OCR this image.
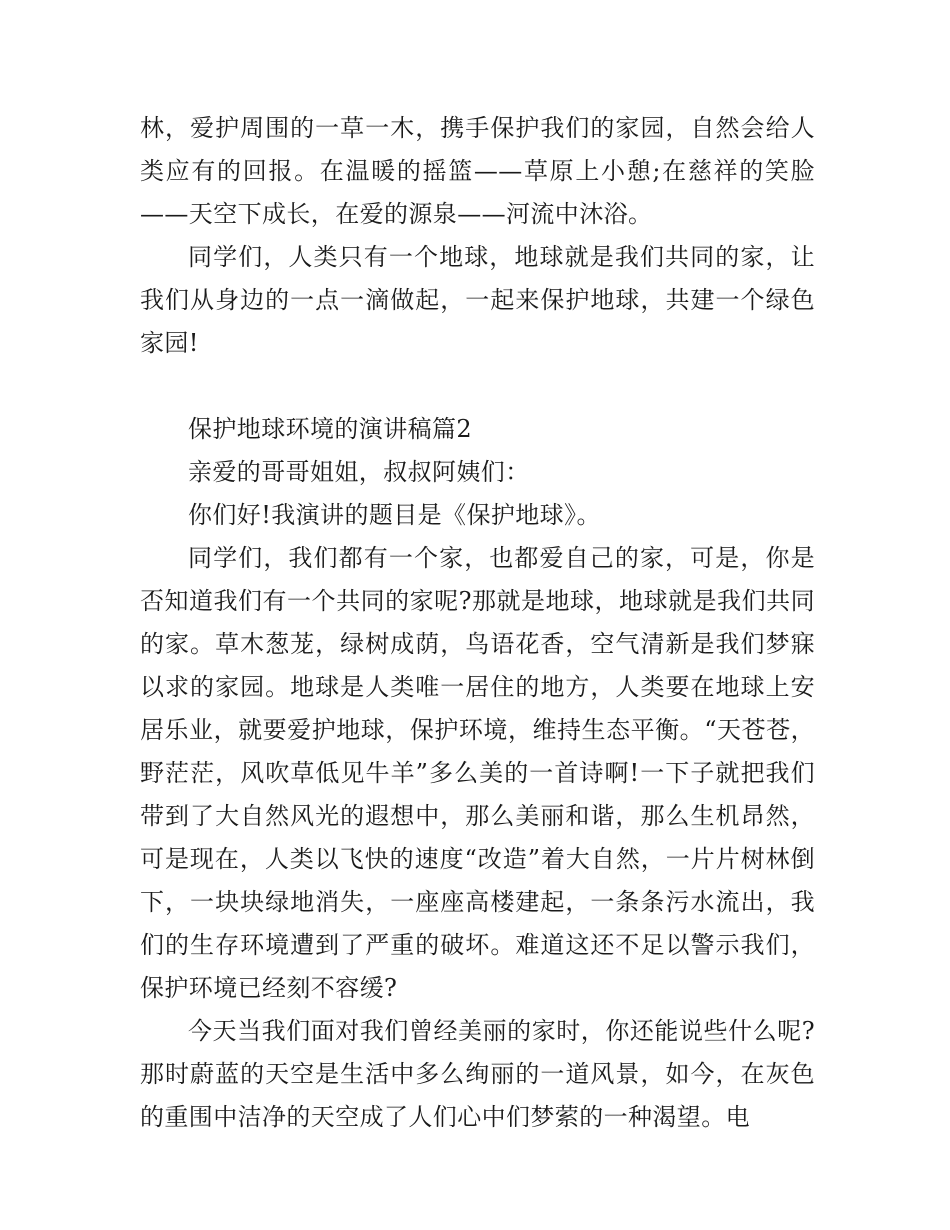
林，爱护周围的一草一木，携手保护我们的家园，自然会给人类应有的回报。在温暖的摇篮——草原上小憩;在慈祥的笑脸——天空下成长，在爱的源泉——河流中沐浴。

同学们，人类只有一个地球，地球就是我们共同的家，让我们从身边的一点一滴做起，一起来保护地球，共建一个绿色家园!

保护地球环境的演讲稿篇2

亲爱的哥哥姐姐，叔叔阿姨们：

你们好!我演讲的题目是《保护地球》。

同学们，我们都有一个家，也都爱自己的家，可是，你是否知道我们有一个共同的家呢?那就是地球，地球就是我们共同的家。草木葱茏，绿树成荫，鸟语花香，空气清新是我们梦寐以求的家园。地球是人类唯一居住的地方，人类要在地球上安居乐业，就要爱护地球，保护环境，维持生态平衡。“天苍苍，野茫茫，风吹草低见牛羊”多么美的一首诗啊!一下子就把我们带到了大自然风光的遐想中，那么美丽和谐，那么生机昂然，可是现在，人类以飞快的速度“改造”着大自然，一片片树林倒下，一块块绿地消失，一座座高楼建起，一条条污水流出，我们的生存环境遭到了严重的破坏。难道这还不足以警示我们，保护环境已经刻不容缓?

今天当我们面对我们曾经美丽的家时，你还能说些什么呢?那时蔚蓝的天空是生活中多么绚丽的一道风景，如今，在灰色的重围中洁净的天空成了人们心中们梦萦的一种渴望。电
